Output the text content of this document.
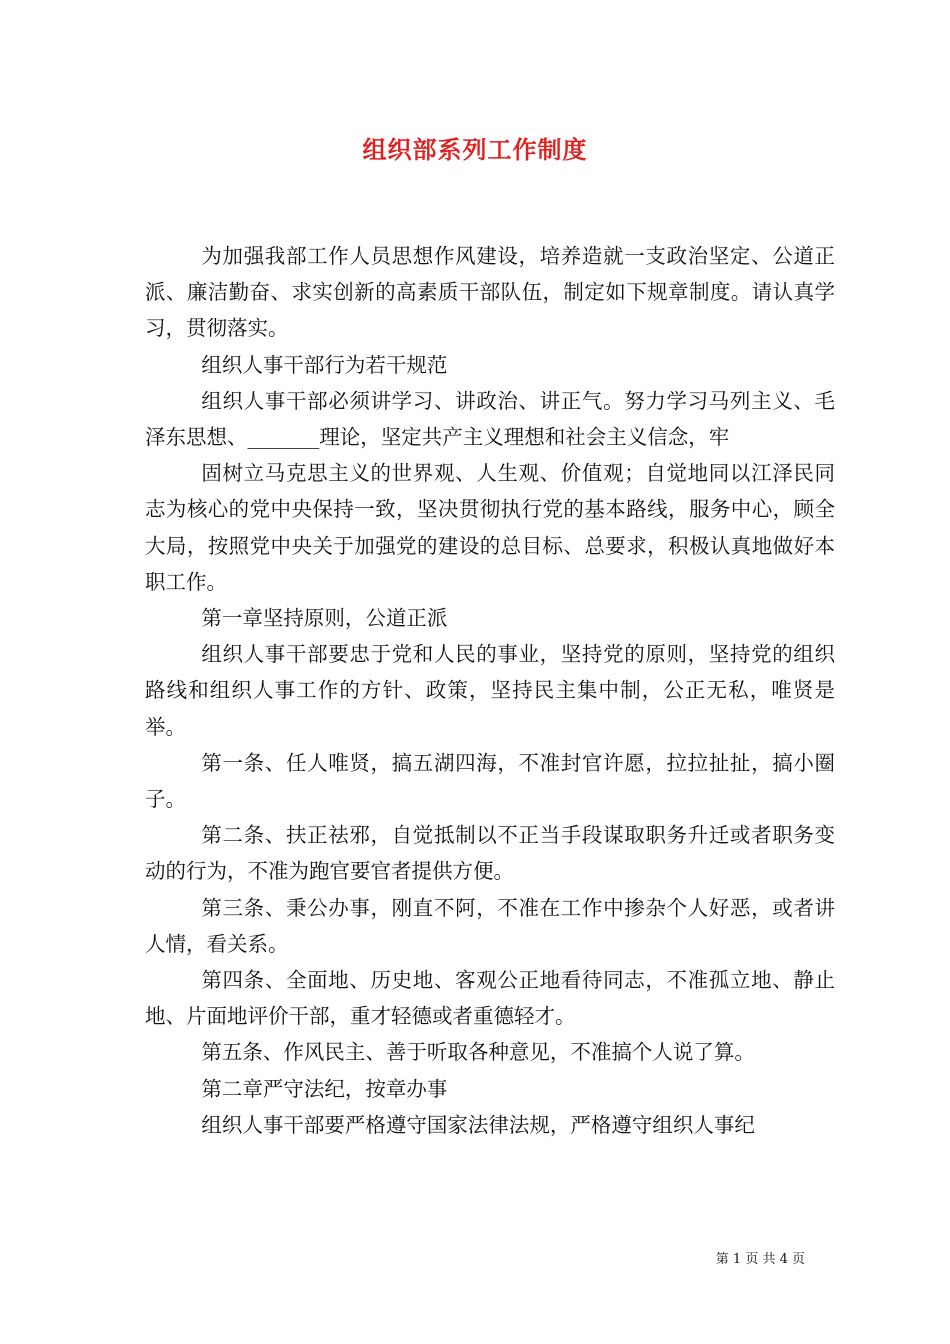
组织部系列工作制度

为加强我部工作人员思想作风建设，培养造就一支政治坚定、公道正派、廉洁勤奋、求实创新的高素质干部队伍，制定如下规章制度。请认真学习，贯彻落实。

组织人事干部行为若干规范

组织人事干部必须讲学习、讲政治、讲正气。努力学习马列主义、毛泽东思想、_______理论，坚定共产主义理想和社会主义信念，牢

固树立马克思主义的世界观、人生观、价值观；自觉地同以江泽民同志为核心的党中央保持一致，坚决贯彻执行党的基本路线，服务中心，顾全大局，按照党中央关于加强党的建设的总目标、总要求，积极认真地做好本职工作。

第一章坚持原则，公道正派

组织人事干部要忠于党和人民的事业，坚持党的原则，坚持党的组织路线和组织人事工作的方针、政策，坚持民主集中制，公正无私，唯贤是举。

第一条、任人唯贤，搞五湖四海，不准封官许愿，拉拉扯扯，搞小圈子。

第二条、扶正祛邪，自觉抵制以不正当手段谋取职务升迁或者职务变动的行为，不准为跑官要官者提供方便。

第三条、秉公办事，刚直不阿，不准在工作中掺杂个人好恶，或者讲人情，看关系。

第四条、全面地、历史地、客观公正地看待同志，不准孤立地、静止地、片面地评价干部，重才轻德或者重德轻才。

第五条、作风民主、善于听取各种意见，不准搞个人说了算。

第二章严守法纪，按章办事

组织人事干部要严格遵守国家法律法规，严格遵守组织人事纪

第 1 页 共 4 页
